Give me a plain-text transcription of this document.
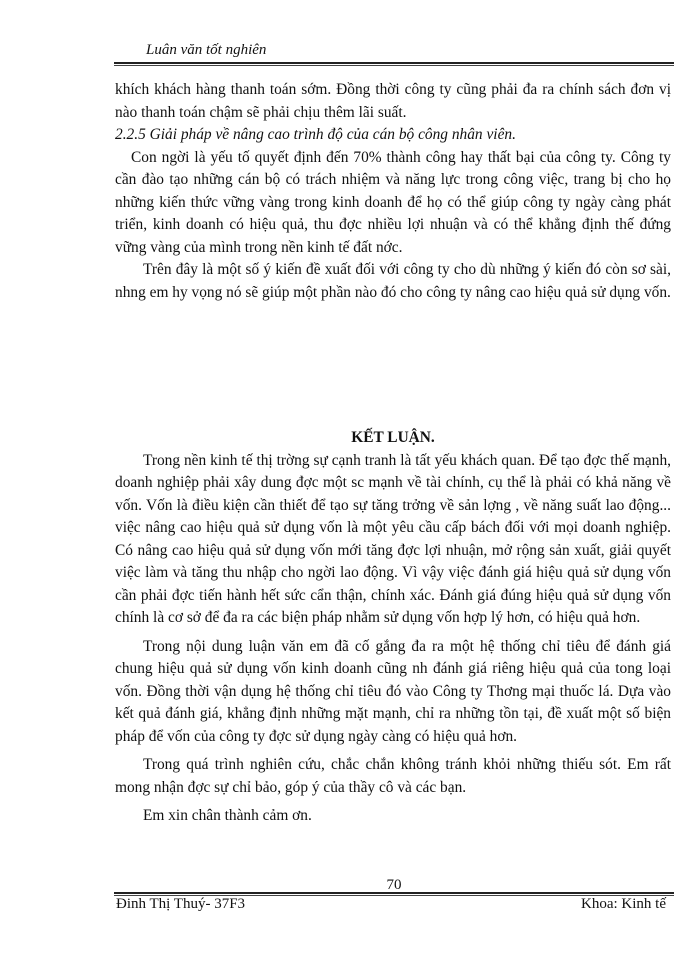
Luân văn tốt nghiên

khích khách hàng thanh toán sớm. Đồng thời công ty cũng phải đa ra chính sách đơn vị nào thanh toán chậm sẽ phải chịu thêm lãi suất.

2.2.5 Giải pháp về nâng cao trình độ của cán bộ công nhân viên.

Con ngời là yếu tố quyết định đến 70% thành công hay thất bại của công ty. Công ty cần đào tạo những cán bộ có trách nhiệm và năng lực trong công việc, trang bị cho họ những kiến thức vững vàng trong kinh doanh để họ có thể giúp công ty ngày càng phát triển, kinh doanh có hiệu quả, thu đợc nhiều lợi nhuận và có thể khẳng định thế đứng vững vàng của mình trong nền kinh tế đất nớc.

Trên đây là một số ý kiến đề xuất đối với công ty cho dù những ý kiến đó còn sơ sài, nhng em hy vọng nó sẽ giúp một phần nào đó cho công ty nâng cao hiệu quả sử dụng vốn.

KẾT LUẬN.

Trong nền kinh tế thị trờng sự cạnh tranh là tất yếu khách quan. Để tạo đợc thế mạnh, doanh nghiệp phải xây dung đợc một sc mạnh về tài chính, cụ thể là phải có khả năng về vốn. Vốn là điều kiện cần thiết để tạo sự tăng trởng về sản lợng , về năng suất lao động... việc nâng cao hiệu quả sử dụng vốn là một yêu cầu cấp bách đối với mọi doanh nghiệp. Có nâng cao hiệu quả sử dụng vốn mới tăng đợc lợi nhuận, mở rộng sản xuất, giải quyết việc làm và tăng thu nhập cho ngời lao động. Vì vậy việc đánh giá hiệu quả sử dụng vốn cần phải đợc tiến hành hết sức cẩn thận, chính xác. Đánh giá đúng hiệu quả sử dụng vốn chính là cơ sở để đa ra các biện pháp nhằm sử dụng vốn hợp lý hơn, có hiệu quả hơn.

Trong nội dung luận văn em đã cố gắng đa ra một hệ thống chỉ tiêu để đánh giá chung hiệu quả sử dụng vốn kinh doanh cũng nh đánh giá riêng hiệu quả của tong loại vốn. Đồng thời vận dụng hệ thống chỉ tiêu đó vào Công ty Thơng mại thuốc lá. Dựa vào kết quả đánh giá, khẳng định những mặt mạnh, chỉ ra những tồn tại, đề xuất một số biện pháp để vốn của công ty đợc sử dụng ngày càng có hiệu quả hơn.

Trong quá trình nghiên cứu, chắc chắn không tránh khỏi những thiếu sót. Em rất mong nhận đợc sự chỉ bảo, góp ý của thầy cô và các bạn.

Em xin chân thành cảm ơn.

70
Đinh Thị Thuý- 37F3	Khoa: Kinh tế
